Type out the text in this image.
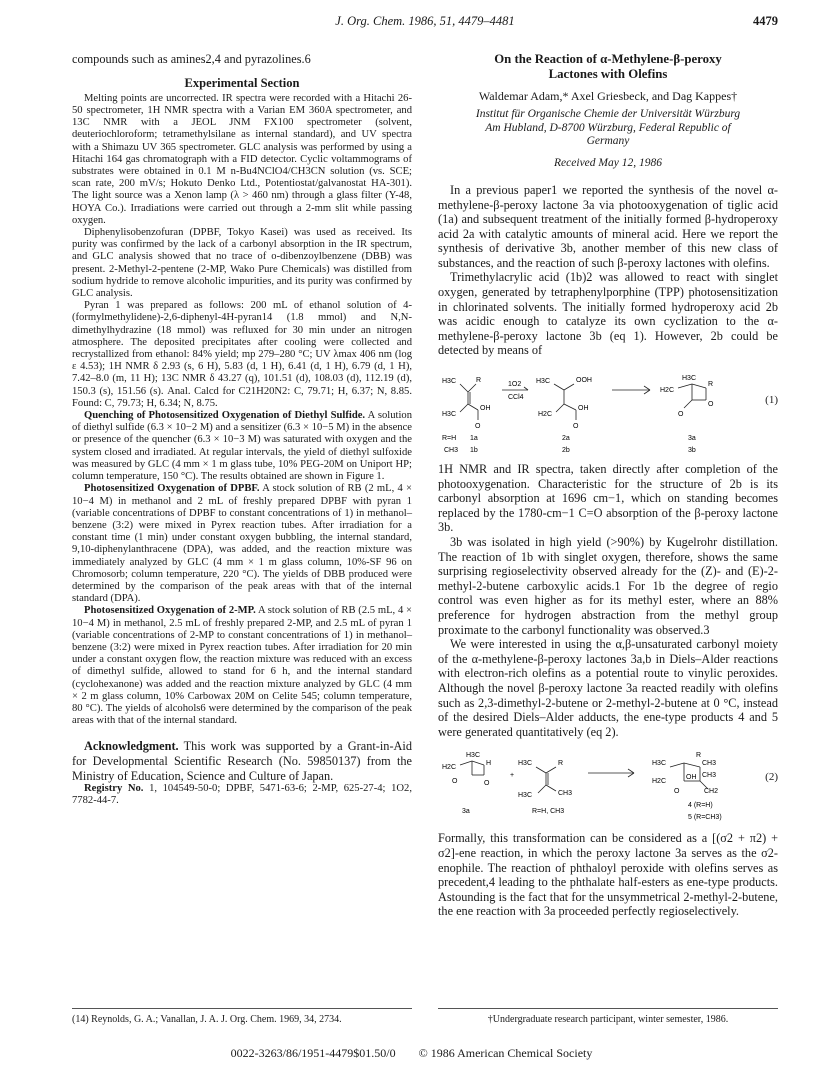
J. Org. Chem. 1986, 51, 4479–4481	4479

compounds such as amines2,4 and pyrazolines.6

Experimental Section

Melting points are uncorrected. IR spectra were recorded with a Hitachi 26-50 spectrometer, 1H NMR spectra with a Varian EM 360A spectrometer, and 13C NMR with a JEOL JNM FX100 spectrometer (solvent, deuteriochloroform; tetramethylsilane as internal standard), and UV spectra with a Shimazu UV 365 spectrometer. GLC analysis was performed by using a Hitachi 164 gas chromatograph with a FID detector. Cyclic voltammograms of substrates were obtained in 0.1 M n-Bu4NClO4/CH3CN solution (vs. SCE; scan rate, 200 mV/s; Hokuto Denko Ltd., Potentiostat/galvanostat HA-301). The light source was a Xenon lamp (λ > 460 nm) through a glass filter (Y-48, HOYA Co.). Irradiations were carried out through a 2-mm slit while passing oxygen.

Diphenylisobenzofuran (DPBF, Tokyo Kasei) was used as received. Its purity was confirmed by the lack of a carbonyl absorption in the IR spectrum, and GLC analysis showed that no trace of o-dibenzoylbenzene (DBB) was present. 2-Methyl-2-pentene (2-MP, Wako Pure Chemicals) was distilled from sodium hydride to remove alcoholic impurities, and its purity was confirmed by GLC analysis.

Pyran 1 was prepared as follows: 200 mL of ethanol solution of 4-(formylmethylidene)-2,6-diphenyl-4H-pyran14 (1.8 mmol) and N,N-dimethylhydrazine (18 mmol) was refluxed for 30 min under an nitrogen atmosphere. The deposited precipitates after cooling were collected and recrystallized from ethanol: 84% yield; mp 279–280 °C; UV λmax 406 nm (log ε 4.53); 1H NMR δ 2.93 (s, 6 H), 5.83 (d, 1 H), 6.41 (d, 1 H), 6.79 (d, 1 H), 7.42–8.0 (m, 11 H); 13C NMR δ 43.27 (q), 101.51 (d), 108.03 (d), 112.19 (d), 150.3 (s), 151.56 (s). Anal. Calcd for C21H20N2: C, 79.71; H, 6.37; N, 8.85. Found: C, 79.73; H, 6.34; N, 8.75.

Quenching of Photosensitized Oxygenation of Diethyl Sulfide. A solution of diethyl sulfide (6.3 × 10−2 M) and a sensitizer (6.3 × 10−5 M) in the absence or presence of the quencher (6.3 × 10−3 M) was saturated with oxygen and the system closed and irradiated. At regular intervals, the yield of diethyl sulfoxide was measured by GLC (4 mm × 1 m glass tube, 10% PEG-20M on Uniport HP; column temperature, 150 °C). The results obtained are shown in Figure 1.

Photosensitized Oxygenation of DPBF. A stock solution of RB (2 mL, 4 × 10−4 M) in methanol and 2 mL of freshly prepared DPBF with pyran 1 (variable concentrations of DPBF to constant concentrations of 1) in methanol–benzene (3:2) were mixed in Pyrex reaction tubes. After irradiation for a constant time (1 min) under constant oxygen bubbling, the internal standard, 9,10-diphenylanthracene (DPA), was added, and the reaction mixture was immediately analyzed by GLC (4 mm × 1 m glass column, 10%-SF 96 on Chromosorb; column temperature, 220 °C). The yields of DBB produced were determined by the comparison of the peak areas with that of the internal standard (DPA).

Photosensitized Oxygenation of 2-MP. A stock solution of RB (2.5 mL, 4 × 10−4 M) in methanol, 2.5 mL of freshly prepared 2-MP, and 2.5 mL of pyran 1 (variable concentrations of 2-MP to constant concentrations of 1) in methanol–benzene (3:2) were mixed in Pyrex reaction tubes. After irradiation for 20 min under a constant oxygen flow, the reaction mixture was reduced with an excess of dimethyl sulfide, allowed to stand for 6 h, and the internal standard (cyclohexanone) was added and the reaction mixture analyzed by GLC (4 mm × 2 m glass column, 10% Carbowax 20M on Celite 545; column temperature, 80 °C). The yields of alcohols6 were determined by the comparison of the peak areas with that of the internal standard.

Acknowledgment. This work was supported by a Grant-in-Aid for Developmental Scientific Research (No. 59850137) from the Ministry of Education, Science and Culture of Japan.

Registry No. 1, 104549-50-0; DPBF, 5471-63-6; 2-MP, 625-27-4; 1O2, 7782-44-7.

On the Reaction of α-Methylene-β-peroxy
Lactones with Olefins
Waldemar Adam,* Axel Griesbeck, and Dag Kappes†
Institut für Organische Chemie der Universität Würzburg
Am Hubland, D-8700 Würzburg, Federal Republic of
Germany
Received May 12, 1986

In a previous paper1 we reported the synthesis of the novel α-methylene-β-peroxy lactone 3a via photooxygenation of tiglic acid (1a) and subsequent treatment of the initially formed β-hydroperoxy acid 2a with catalytic amounts of mineral acid. Here we report the synthesis of derivative 3b, another member of this new class of substances, and the reaction of such β-peroxy lactones with olefins.

Trimethylacrylic acid (1b)2 was allowed to react with singlet oxygen, generated by tetraphenylporphine (TPP) photosensitization in chlorinated solvents. The initially formed hydroperoxy acid 2b was acidic enough to catalyze its own cyclization to the α-methylene-β-peroxy lactone 3b (eq 1). However, 2b could be detected by means of

H3C	R
H3C
OH
O
1O2
CCl4
H3C	OOH
H2C
OH
O
H3C
R
H2C
O
O
R=H
CH3
1a
1b
2a
2b
3a
3b
(1)

1H NMR and IR spectra, taken directly after completion of the photooxygenation. Characteristic for the structure of 2b is its carbonyl absorption at 1696 cm−1, which on standing becomes replaced by the 1780-cm−1 C=O absorption of the β-peroxy lactone 3b.

3b was isolated in high yield (>90%) by Kugelrohr distillation. The reaction of 1b with singlet oxygen, therefore, shows the same surprising regioselectivity observed already for the (Z)- and (E)-2-methyl-2-butene carboxylic acids.1 For 1b the degree of regio control was even higher as for its methyl ester, where an 88% preference for hydrogen abstraction from the methyl group proximate to the carbonyl functionality was observed.3

We were interested in using the α,β-unsaturated carbonyl moiety of the α-methylene-β-peroxy lactones 3a,b in Diels–Alder reactions with electron-rich olefins as a potential route to vinylic peroxides. Although the novel β-peroxy lactone 3a reacted readily with olefins such as 2,3-dimethyl-2-butene or 2-methyl-2-butene at 0 °C, instead of the desired Diels–Alder adducts, the ene-type products 4 and 5 were generated quantitatively (eq 2).

H3C
H2C
H
O	O
+
H3C	R
H3C	CH3
H3C
R
CH3
CH3
H2C
OH
O	CH2
3a	R=H, CH3
4 (R=H)
5 (R=CH3)
(2)

Formally, this transformation can be considered as a [(σ2 + π2) + σ2]-ene reaction, in which the peroxy lactone 3a serves as the σ2-enophile. The reaction of phthaloyl peroxide with olefins serves as precedent,4 leading to the phthalate half-esters as ene-type products. Astounding is the fact that for the unsymmetrical 2-methyl-2-butene, the ene reaction with 3a proceeded perfectly regioselectively.

(14) Reynolds, G. A.; Vanallan, J. A. J. Org. Chem. 1969, 34, 2734.	†Undergraduate research participant, winter semester, 1986.
0022-3263/86/1951-4479$01.50/0 © 1986 American Chemical Society
